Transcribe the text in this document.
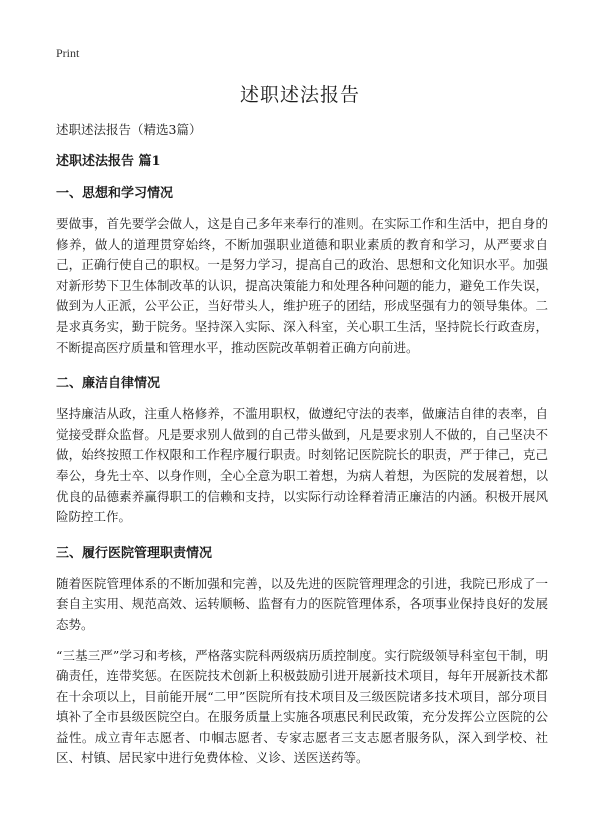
Print
述职述法报告

述职述法报告（精选3篇）

述职述法报告 篇1
一、思想和学习情况

要做事，首先要学会做人，这是自己多年来奉行的准则。在实际工作和生活中，把自身的修养，做人的道理贯穿始终，不断加强职业道德和职业素质的教育和学习，从严要求自己，正确行使自己的职权。一是努力学习，提高自己的政治、思想和文化知识水平。加强对新形势下卫生体制改革的认识，提高决策能力和处理各种问题的能力，避免工作失误，做到为人正派，公平公正，当好带头人，维护班子的团结，形成坚强有力的领导集体。二是求真务实，勤于院务。坚持深入实际、深入科室，关心职工生活，坚持院长行政查房，不断提高医疗质量和管理水平，推动医院改革朝着正确方向前进。

二、廉洁自律情况

坚持廉洁从政，注重人格修养，不滥用职权，做遵纪守法的表率，做廉洁自律的表率，自觉接受群众监督。凡是要求别人做到的自己带头做到，凡是要求别人不做的，自己坚决不做，始终按照工作权限和工作程序履行职责。时刻铭记医院院长的职责，严于律己，克己奉公，身先士卒、以身作则，全心全意为职工着想，为病人着想，为医院的发展着想，以优良的品德素养赢得职工的信赖和支持，以实际行动诠释着清正廉洁的内涵。积极开展风险防控工作。

三、履行医院管理职责情况

随着医院管理体系的不断加强和完善，以及先进的医院管理理念的引进，我院已形成了一套自主实用、规范高效、运转顺畅、监督有力的医院管理体系，各项事业保持良好的发展态势。

“三基三严”学习和考核，严格落实院科两级病历质控制度。实行院级领导科室包干制，明确责任，连带奖惩。在医院技术创新上积极鼓励引进开展新技术项目，每年开展新技术都在十余项以上，目前能开展“二甲”医院所有技术项目及三级医院诸多技术项目，部分项目填补了全市县级医院空白。在服务质量上实施各项惠民利民政策，充分发挥公立医院的公益性。成立青年志愿者、巾帼志愿者、专家志愿者三支志愿者服务队，深入到学校、社区、村镇、居民家中进行免费体检、义诊、送医送药等。
